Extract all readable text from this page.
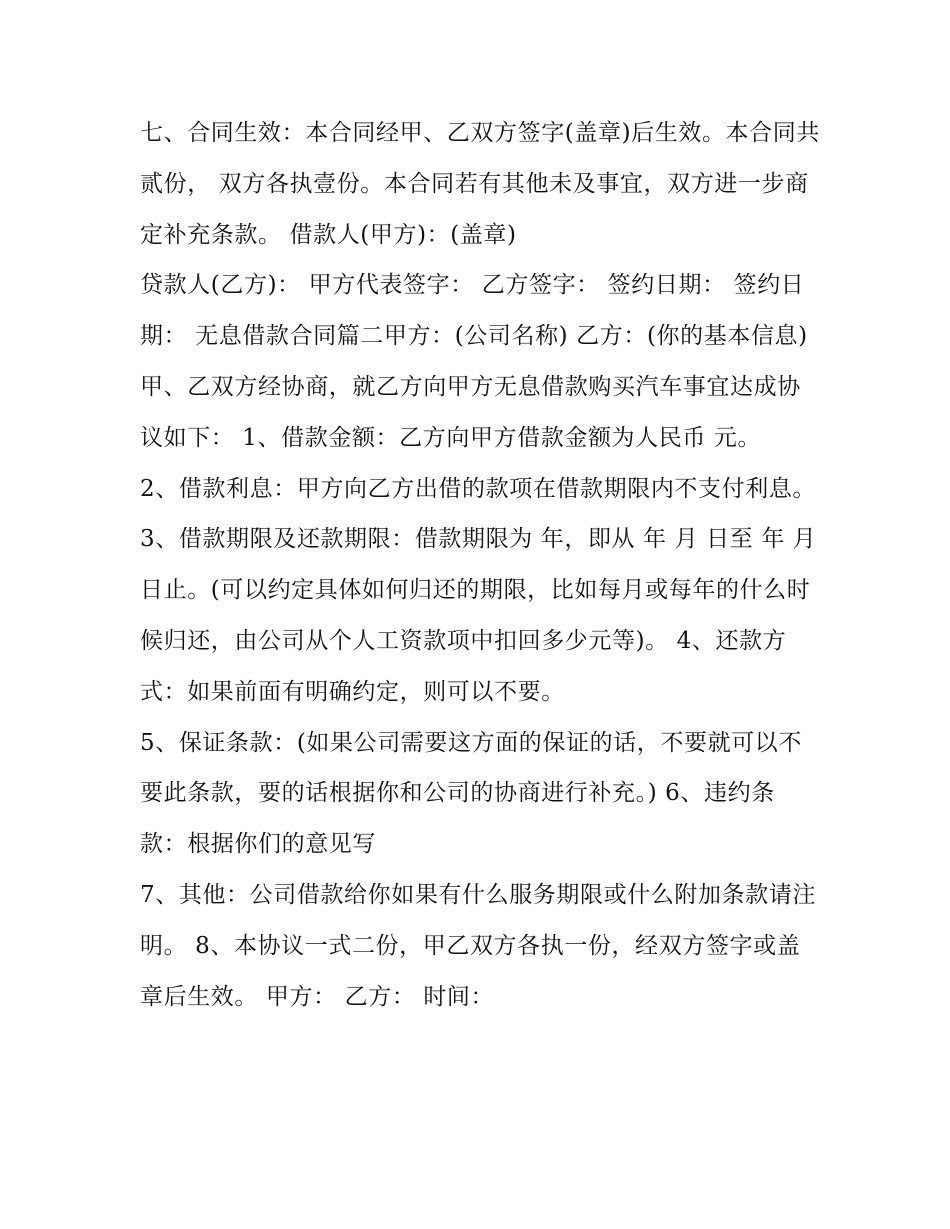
七、合同生效：本合同经甲、乙双方签字(盖章)后生效。本合同共贰份， 双方各执壹份。本合同若有其他未及事宜，双方进一步商定补充条款。 借款人(甲方)：(盖章)

贷款人(乙方)： 甲方代表签字： 乙方签字： 签约日期： 签约日期： 无息借款合同篇二甲方：(公司名称) 乙方：(你的基本信息)

甲、乙双方经协商，就乙方向甲方无息借款购买汽车事宜达成协议如下： 1、借款金额：乙方向甲方借款金额为人民币 元。

2、借款利息：甲方向乙方出借的款项在借款期限内不支付利息。 3、借款期限及还款期限：借款期限为 年，即从 年 月 日至 年 月

日止。(可以约定具体如何归还的期限，比如每月或每年的什么时候归还，由公司从个人工资款项中扣回多少元等)。 4、还款方式：如果前面有明确约定，则可以不要。

5、保证条款：(如果公司需要这方面的保证的话，不要就可以不要此条款，要的话根据你和公司的协商进行补充。) 6、违约条款：根据你们的意见写

7、其他：公司借款给你如果有什么服务期限或什么附加条款请注明。 8、本协议一式二份，甲乙双方各执一份，经双方签字或盖章后生效。 甲方： 乙方： 时间：
